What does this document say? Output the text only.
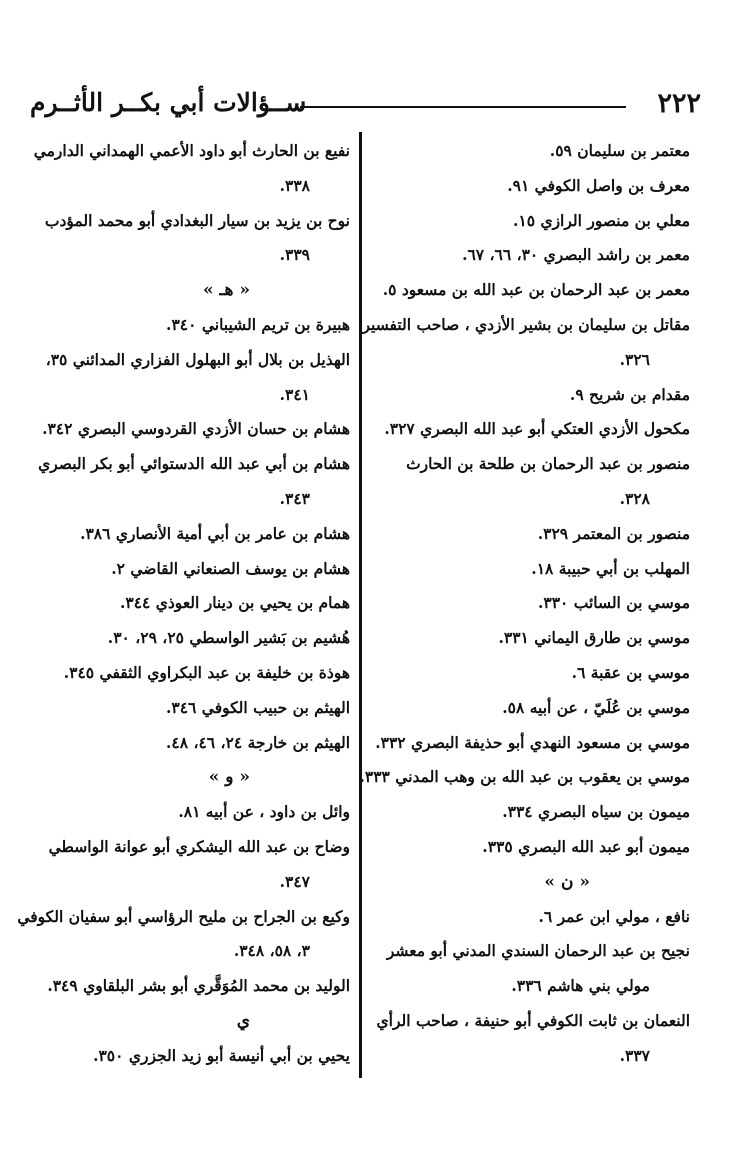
٢٢٢
ســؤالات أبي بكــر الأثــرم
معتمر بن سليمان ٥٩.
معرف بن واصل الكوفي ٩١.
معلي بن منصور الرازي ١٥.
معمر بن راشد البصري ٣٠، ٦٦، ٦٧.
معمر بن عبد الرحمان بن عبد الله بن مسعود ٥.
مقاتل بن سليمان بن بشير الأزدي ، صاحب التفسير
٣٢٦.
مقدام بن شريح ٩.
مكحول الأزدي العتكي أبو عبد الله البصري ٣٢٧.
منصور بن عبد الرحمان بن طلحة بن الحارث
٣٢٨.
منصور بن المعتمر ٣٢٩.
المهلب بن أبي حبيبة ١٨.
موسي بن السائب ٣٣٠.
موسي بن طارق اليماني ٣٣١.
موسي بن عقبة ٦.
موسي بن عُلَيّ ، عن أبيه ٥٨.
موسي بن مسعود النهدي أبو حذيفة البصري ٣٣٢.
موسي بن يعقوب بن عبد الله بن وهب المدني ٣٣٣.
ميمون بن سياه البصري ٣٣٤.
ميمون أبو عبد الله البصري ٣٣٥.
« ن »
نافع ، مولي ابن عمر ٦.
نجيح بن عبد الرحمان السندي المدني أبو معشر
مولي بني هاشم ٣٣٦.
النعمان بن ثابت الكوفي أبو حنيفة ، صاحب الرأي
٣٣٧.
نفيع بن الحارث أبو داود الأعمي الهمداني الدارمي
٣٣٨.
نوح بن يزيد بن سيار البغدادي أبو محمد المؤدب
٣٣٩.
« هـ »
هبيرة بن تريم الشيباني ٣٤٠.
الهذيل بن بلال أبو البهلول الفزاري المدائني ٣٥،
٣٤١.
هشام بن حسان الأزدي القردوسي البصري ٣٤٢.
هشام بن أبي عبد الله الدستوائي أبو بكر البصري
٣٤٣.
هشام بن عامر بن أبي أمية الأنصاري ٣٨٦.
هشام بن يوسف الصنعاني القاضي ٢.
همام بن يحيي بن دينار العوذي ٣٤٤.
هُشيم بن بَشير الواسطي ٢٥، ٢٩، ٣٠.
هوذة بن خليفة بن عبد البكراوي الثقفي ٣٤٥.
الهيثم بن حبيب الكوفي ٣٤٦.
الهيثم بن خارجة ٢٤، ٤٦، ٤٨.
« و »
وائل بن داود ، عن أبيه ٨١.
وضاح بن عبد الله اليشكري أبو عوانة الواسطي
٣٤٧.
وكيع بن الجراح بن مليح الرؤاسي أبو سفيان الكوفي
٣، ٥٨، ٣٤٨.
الوليد بن محمد المُوَقَّري أبو بشر البلقاوي ٣٤٩.
ي
يحيي بن أبي أنيسة أبو زيد الجزري ٣٥٠.
